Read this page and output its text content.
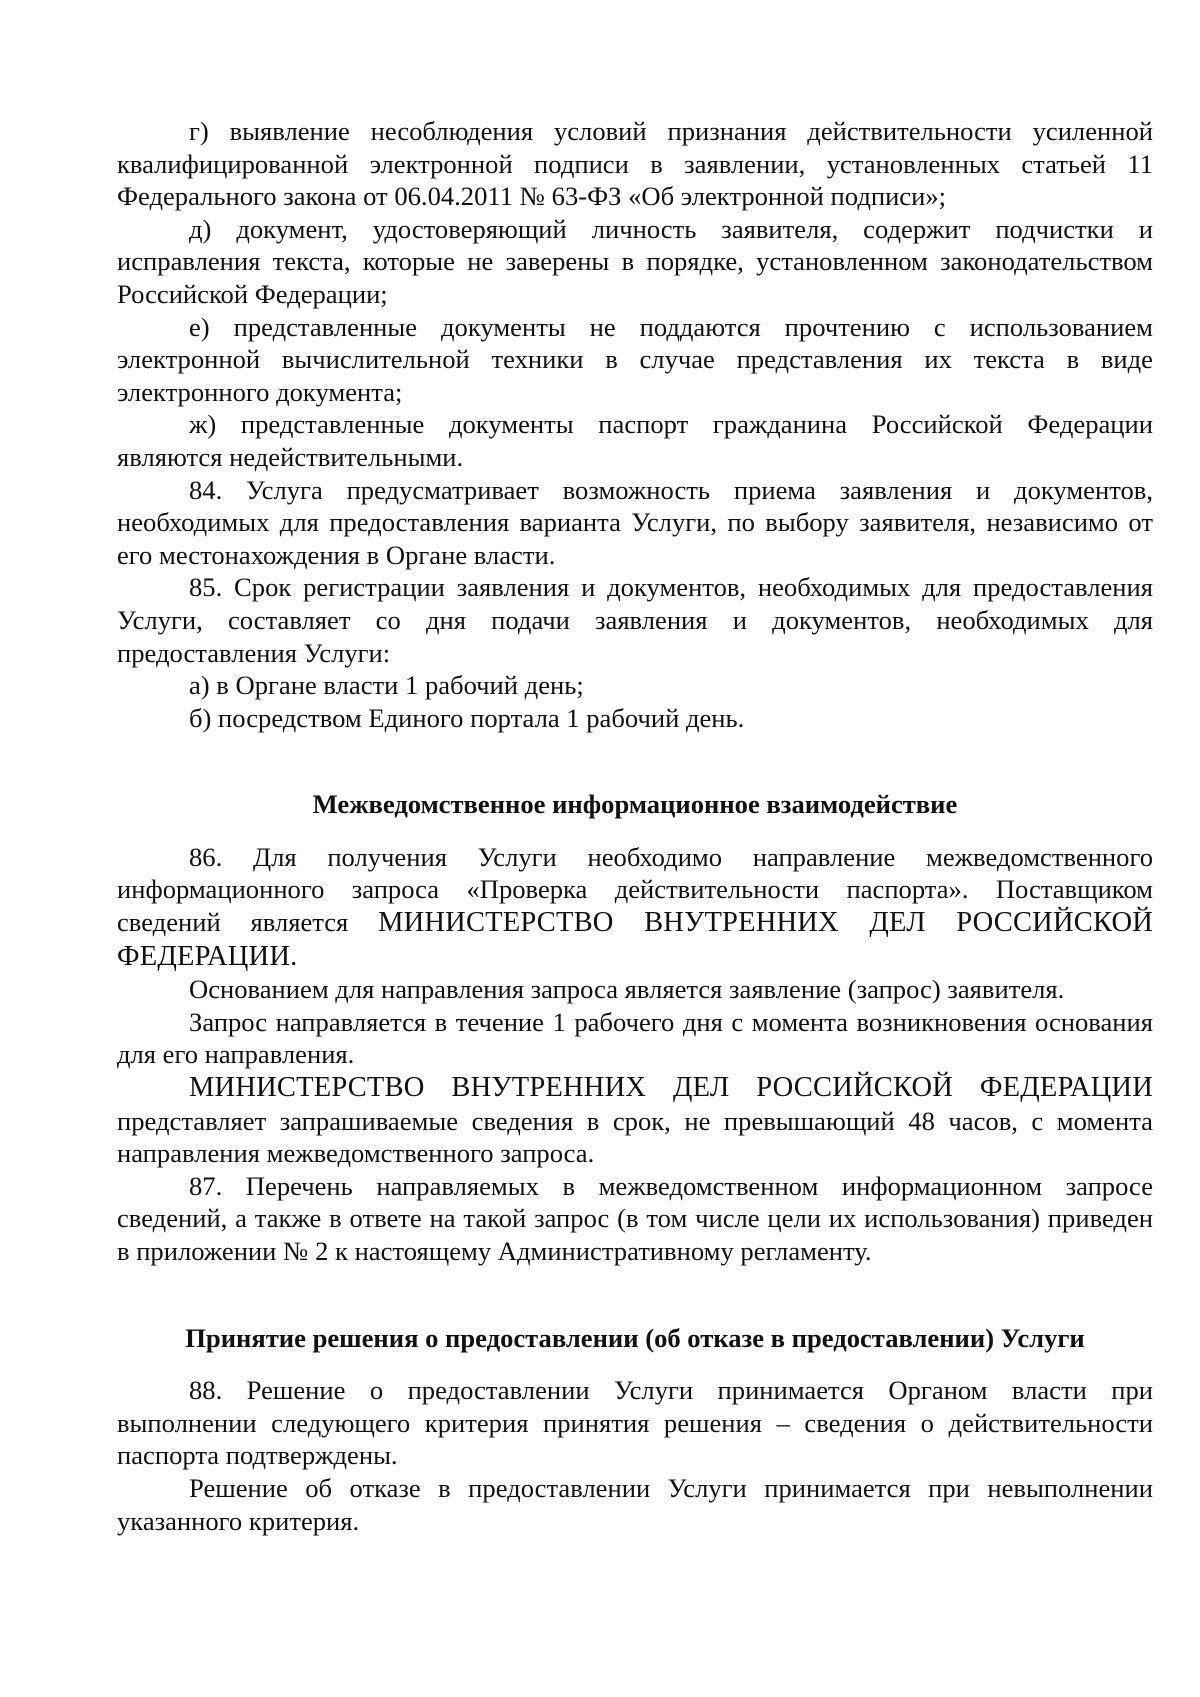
г) выявление несоблюдения условий признания действительности усиленной квалифицированной электронной подписи в заявлении, установленных статьей 11 Федерального закона от 06.04.2011 № 63-ФЗ «Об электронной подписи»;

д) документ, удостоверяющий личность заявителя, содержит подчистки и исправления текста, которые не заверены в порядке, установленном законодательством Российской Федерации;

е) представленные документы не поддаются прочтению с использованием электронной вычислительной техники в случае представления их текста в виде электронного документа;

ж) представленные документы паспорт гражданина Российской Федерации являются недействительными.

84. Услуга предусматривает возможность приема заявления и документов, необходимых для предоставления варианта Услуги, по выбору заявителя, независимо от его местонахождения в Органе власти.

85. Срок регистрации заявления и документов, необходимых для предоставления Услуги, составляет со дня подачи заявления и документов, необходимых для предоставления Услуги:

а) в Органе власти 1 рабочий день;

б) посредством Единого портала 1 рабочий день.

Межведомственное информационное взаимодействие

86. Для получения Услуги необходимо направление межведомственного информационного запроса «Проверка действительности паспорта». Поставщиком сведений является МИНИСТЕРСТВО ВНУТРЕННИХ ДЕЛ РОССИЙСКОЙ ФЕДЕРАЦИИ.

Основанием для направления запроса является заявление (запрос) заявителя.

Запрос направляется в течение 1 рабочего дня с момента возникновения основания для его направления.

МИНИСТЕРСТВО ВНУТРЕННИХ ДЕЛ РОССИЙСКОЙ ФЕДЕРАЦИИ представляет запрашиваемые сведения в срок, не превышающий 48 часов, с момента направления межведомственного запроса.

87. Перечень направляемых в межведомственном информационном запросе сведений, а также в ответе на такой запрос (в том числе цели их использования) приведен в приложении № 2 к настоящему Административному регламенту.

Принятие решения о предоставлении (об отказе в предоставлении) Услуги

88. Решение о предоставлении Услуги принимается Органом власти при выполнении следующего критерия принятия решения – сведения о действительности паспорта подтверждены.

Решение об отказе в предоставлении Услуги принимается при невыполнении указанного критерия.
